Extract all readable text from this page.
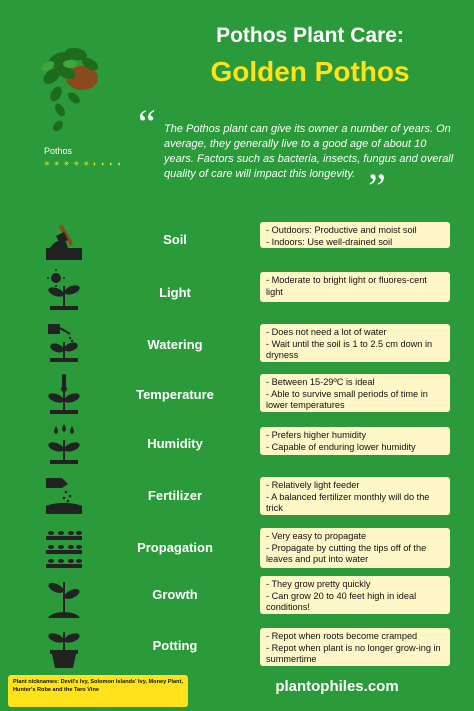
Pothos Plant Care:
Golden Pothos
Pothos
✳ ✳ ✳ ✳ ✳ ◐ ◐ ◐ ◐
“ The Pothos plant can give its owner a number of years. On average, they generally live to a good age of about 10 years. Factors such as bacteria, insects, fungus and overall quality of care will impact this longevity. ”
Soil
- Outdoors: Productive and moist soil
- Indoors: Use well-drained soil
Light
- Moderate to bright light or fluores-cent light
Watering
- Does not need a lot of water
- Wait until the soil is 1 to 2.5 cm down in dryness
Temperature
- Between 15-29ºC is ideal
- Able to survive small periods of time in lower temperatures
Humidity
- Prefers higher humidity
- Capable of enduring lower humidity
Fertilizer
- Relatively light feeder
- A balanced fertilizer monthly will do the trick
Propagation
- Very easy to propagate
- Propagate by cutting the tips off of the leaves and put into water
Growth
- They grow pretty quickly
- Can grow 20 to 40 feet high in ideal conditions!
Potting
- Repot when roots become cramped
- Repot when plant is no longer grow-ing in summertime
Plant nicknames: Devil's Ivy, Solomon Islands' Ivy, Money Plant, Hunter's Robe and the Taro Vine	plantophiles.com
